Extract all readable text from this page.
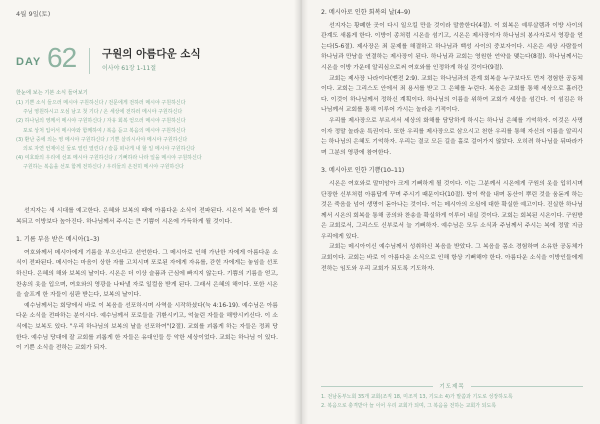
4월 9일(토)
DAY 62 구원의 아름다운 소식
이사야 61장 1-11절
한눈에 보는 기본 소식 들어보기
(1) 기쁜 소식 들으러 메시야 구원하신다 / 전문에게 전하러 메시야 구원하신다
주님 영원하시고 오심 남고 첫 기다 / 온 세상에 전하러 메시야 구원하신다
(2) 하나님의 영께서 메시야 구원하신다 / 자유 회복 얻으러 메시야 구원하신다
포로 상처 입어서 메시야와 함께하여 / 복음 듣고 복음의 메시야 구원하신다
(3) 환난 중에 의는 영 메시야 구원하신다 / 기쁜 살리시사야 메시야 구원하신다
의로 자연 언제이신 둘로 열린 열린다 / 슬픔 떠나게 내 할 일 메시야 구원하신다
(4) 여호와의 우리에 선포 메시야 구원하신다 / 기뻐하라 나라 일을 메시야 구원하신다
구원하는 복음을 선포 함께 전하신다 / 우리들의 온전히 메시야 구원하신다
선지자는 새 시대를 예고한다. 은혜와 보복의 때에 아름다운 소식이 전파된다. 시온이 복을 받아 회복되고 이방보다 높아진다. 하나님께서 주시는 큰 기쁨이 시온에 가득하게 될 것이다.
1. 기름 부음 받은 메시아(1–3)
여호와께서 메시아에게 기름을 부으신다고 선언한다. 그 메시아로 인해 가난한 자에게 아름다운 소식이 전파된다. 메시아는 마음이 상한 자를 고치시며 포로된 자에게 자유를, 갇힌 자에게는 놓임을 선포하신다. 은혜의 해와 보복의 날이다. 시온은 더 이상 슬픔과 근심에 빠지지 않는다. 기쁨의 기름을 얻고, 찬송의 옷을 입으며, 여호와의 영광을 나타낼 자로 일컬음 받게 된다. 그래서 은혜의 해이다. 또한 시온을 슬프게 한 자들이 심판 받는다, 보복의 날이다.
예수님께서는 회당에서 바로 이 복음을 선포하시며 사역을 시작하셨다(눅 4:16-19). 예수님은 아름다운 소식을 전파하는 분이시다. 예수님께서 포로들을 귀환시키고, 억눌린 자들을 해방시키신다. 이 소식에는 보복도 있다. "우리 하나님의 보복의 날을 선포하여"(2절). 교회를 괴롭게 하는 자들은 정죄 당한다. 예수님 당대에 잘 교회를 괴롭게 한 자들은 유대인들 등 악한 세상이었다. 교회는 하나님 이 있다. 이 기쁜 소식을 전하는 교회가 되자.
2. 메시아로 인한 회복의 날(4–9)
선지자는 황폐한 곳이 다시 일으킬 만을 것이라 말씀한다(4절). 이 회복은 예루살렘과 이방 사이의 관계도 새롭게 한다. 이방이 종처럼 시온을 섬기고, 시온은 제사장이자 하나님의 봉사자로서 영광을 얻는다(5-6절). 제사장은 죄 문제를 해결하고 하나님과 백성 사이의 중보자이다. 시온은 세상 사람들이 하나님과 만남을 연결하는 제사장이 된다. 하나님과 교회는 영원한 언약을 맺는다(8절). 하나님께서는 시온을 이방 가운데 알리심으로써 여호와를 인정하게 하실 것이다(9절).
교회는 제사장 나라이다(벧전 2:9). 교회는 하나님과의 관계 회복을 누구보다도 먼저 경험한 공동체이다. 교회는 그리스도 안에서 죄 용서를 받고 그 은혜를 누린다. 복음은 교회를 통해 세상으로 흘러간다. 이것이 하나님께서 정하신 계획이다. 하나님의 이름을 위하여 교회가 세상을 섬긴다. 이 섬김은 하나님께서 교회를 통해 이루어 가시는 놀라운 기적이다.
우리를 제사장으로 부르셔서 세상의 화해를 담당하게 하시는 하나님 은혜를 기억하자. 이것은 사명이자 정말 놀라운 특권이다. 또한 우리를 제사장으로 삼으시고 천한 우리를 통해 자신의 이름을 알리시는 하나님의 은혜도 기억하자. 우리는 결코 모든 길을 홀로 걸어가지 않았다. 오히려 하나님을 뒤따라가며 그분의 영광에 참여한다.
3. 메시아로 인한 기쁨(10–11)
시온은 여호와로 말미암아 크게 기뻐하게 될 것이다. 이는 그분께서 시온에게 구원의 옷을 입히시며 단장한 신부처럼 아름답게 꾸며 주시기 때문이다(10절). 땅이 싹을 내며 동산이 뿌린 것을 움돋게 하는 것은 죽음을 넘어 생명이 돋아나는 것이다. 이는 메시아의 오심에 대한 확실한 예고이다. 진실한 하나님께서 시온의 회복을 통해 공의와 찬송을 확실하게 이루어 내실 것이다. 교회는 회복된 시온이다. 구원받은 교회로서, 그리스도 신부로서 늘 기뻐하자. 예수님은 모두 소식과 주님께서 주시는 복에 정말 지금 우리에게 있다.
교회는 메시아이신 예수님께서 성취하신 복음을 받았다. 그 복음을 몸소 경험하며 소유한 공동체가 교회이다. 교회는 바로 이 아름다운 소식으로 인해 항상 기뻐해야 한다. 아름다운 소식을 이방인들에게 전하는 임도와 우리 교회가 되도록 기도하자.
기도제목
1. 전남동부노회 35개 교회(조직 18, 미조직 13, 기도소 4)가 말씀과 기도로 성장하도록
2. 복음으로 충격받아 늘 이어 우리 교회가 되며, 그 복음을 전하는 교회가 되도록
